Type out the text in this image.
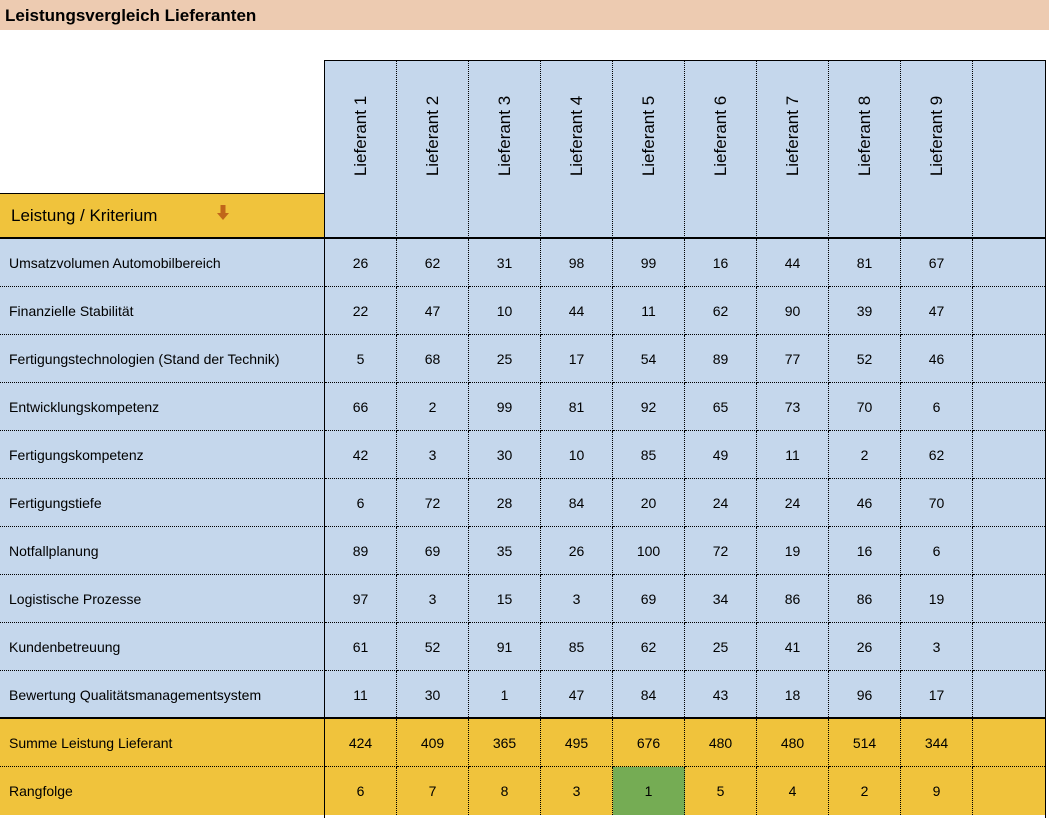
Leistungsvergleich Lieferanten
Leistung / Kriterium
Lieferant 1	Lieferant 2	Lieferant 3	Lieferant 4	Lieferant 5	Lieferant 6	Lieferant 7	Lieferant 8	Lieferant 9
Umsatzvolumen Automobilbereich	26	62	31	98	99	16	44	81	67
Finanzielle Stabilität	22	47	10	44	11	62	90	39	47
Fertigungstechnologien (Stand der Technik)	5	68	25	17	54	89	77	52	46
Entwicklungskompetenz	66	2	99	81	92	65	73	70	6
Fertigungskompetenz	42	3	30	10	85	49	11	2	62
Fertigungstiefe	6	72	28	84	20	24	24	46	70
Notfallplanung	89	69	35	26	100	72	19	16	6
Logistische Prozesse	97	3	15	3	69	34	86	86	19
Kundenbetreuung	61	52	91	85	62	25	41	26	3
Bewertung Qualitätsmanagementsystem	11	30	1	47	84	43	18	96	17
Summe Leistung Lieferant	424	409	365	495	676	480	480	514	344
Rangfolge	6	7	8	3	1	5	4	2	9
